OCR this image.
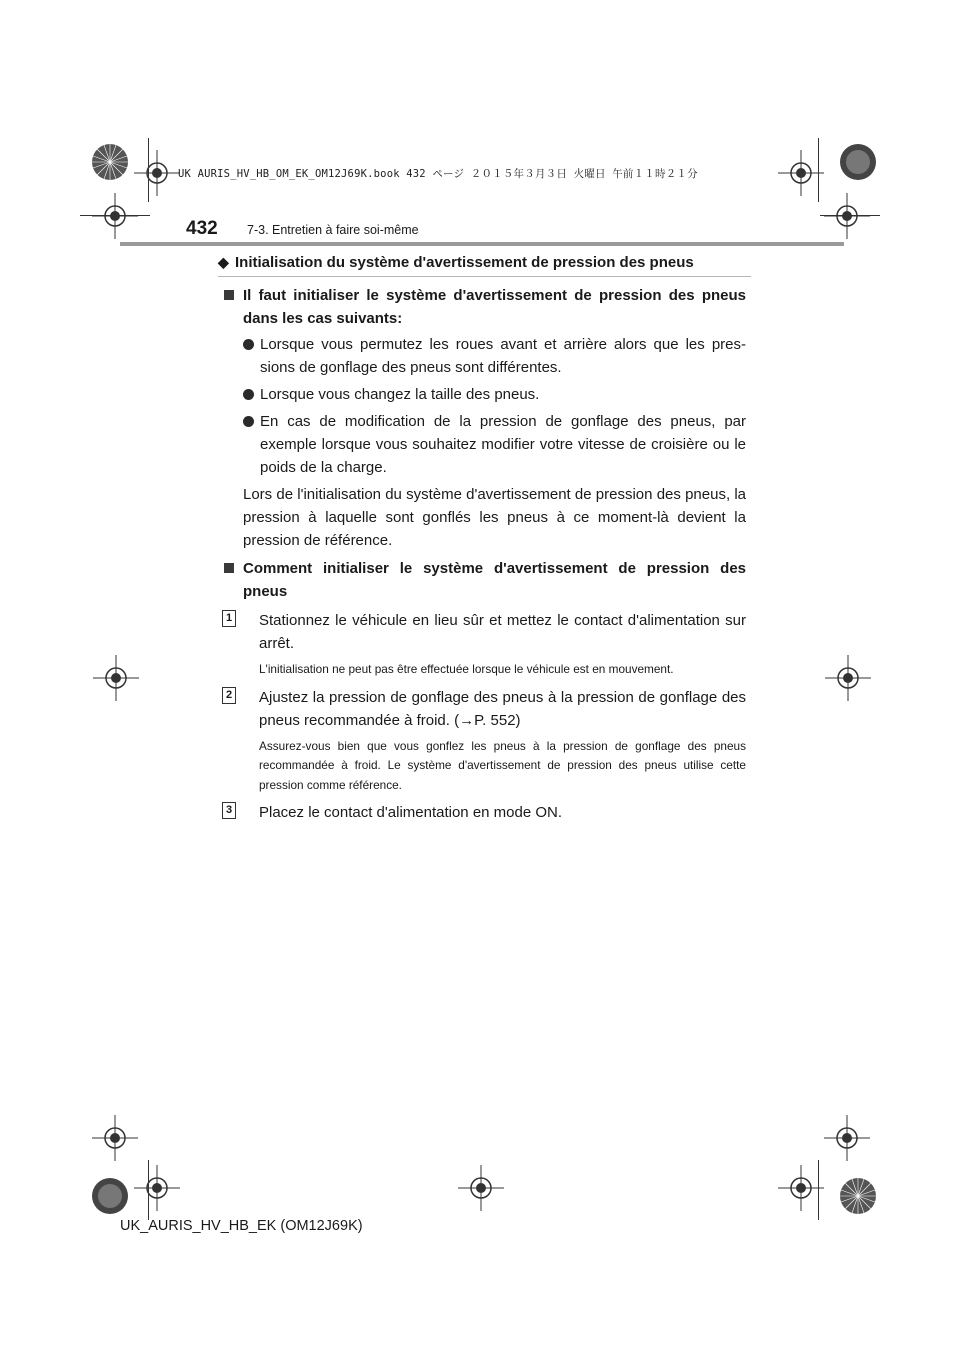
UK AURIS_HV_HB_OM_EK_OM12J69K.book 432 ページ ２０１５年３月３日 火曜日 午前１１時２１分
432 7-3. Entretien à faire soi-même
◆ Initialisation du système d'avertissement de pression des pneus
Il faut initialiser le système d'avertissement de pression des pneus dans les cas suivants:
Lorsque vous permutez les roues avant et arrière alors que les pres-sions de gonflage des pneus sont différentes.
Lorsque vous changez la taille des pneus.
En cas de modification de la pression de gonflage des pneus, par exemple lorsque vous souhaitez modifier votre vitesse de croisière ou le poids de la charge.
Lors de l'initialisation du système d'avertissement de pression des pneus, la pression à laquelle sont gonflés les pneus à ce moment-là devient la pression de référence.
Comment initialiser le système d'avertissement de pression des pneus
1 Stationnez le véhicule en lieu sûr et mettez le contact d'alimentation sur arrêt.
L'initialisation ne peut pas être effectuée lorsque le véhicule est en mouvement.
2 Ajustez la pression de gonflage des pneus à la pression de gonflage des pneus recommandée à froid. (→P. 552)
Assurez-vous bien que vous gonflez les pneus à la pression de gonflage des pneus recommandée à froid. Le système d'avertissement de pression des pneus utilise cette pression comme référence.
3 Placez le contact d'alimentation en mode ON.
UK_AURIS_HV_HB_EK (OM12J69K)
